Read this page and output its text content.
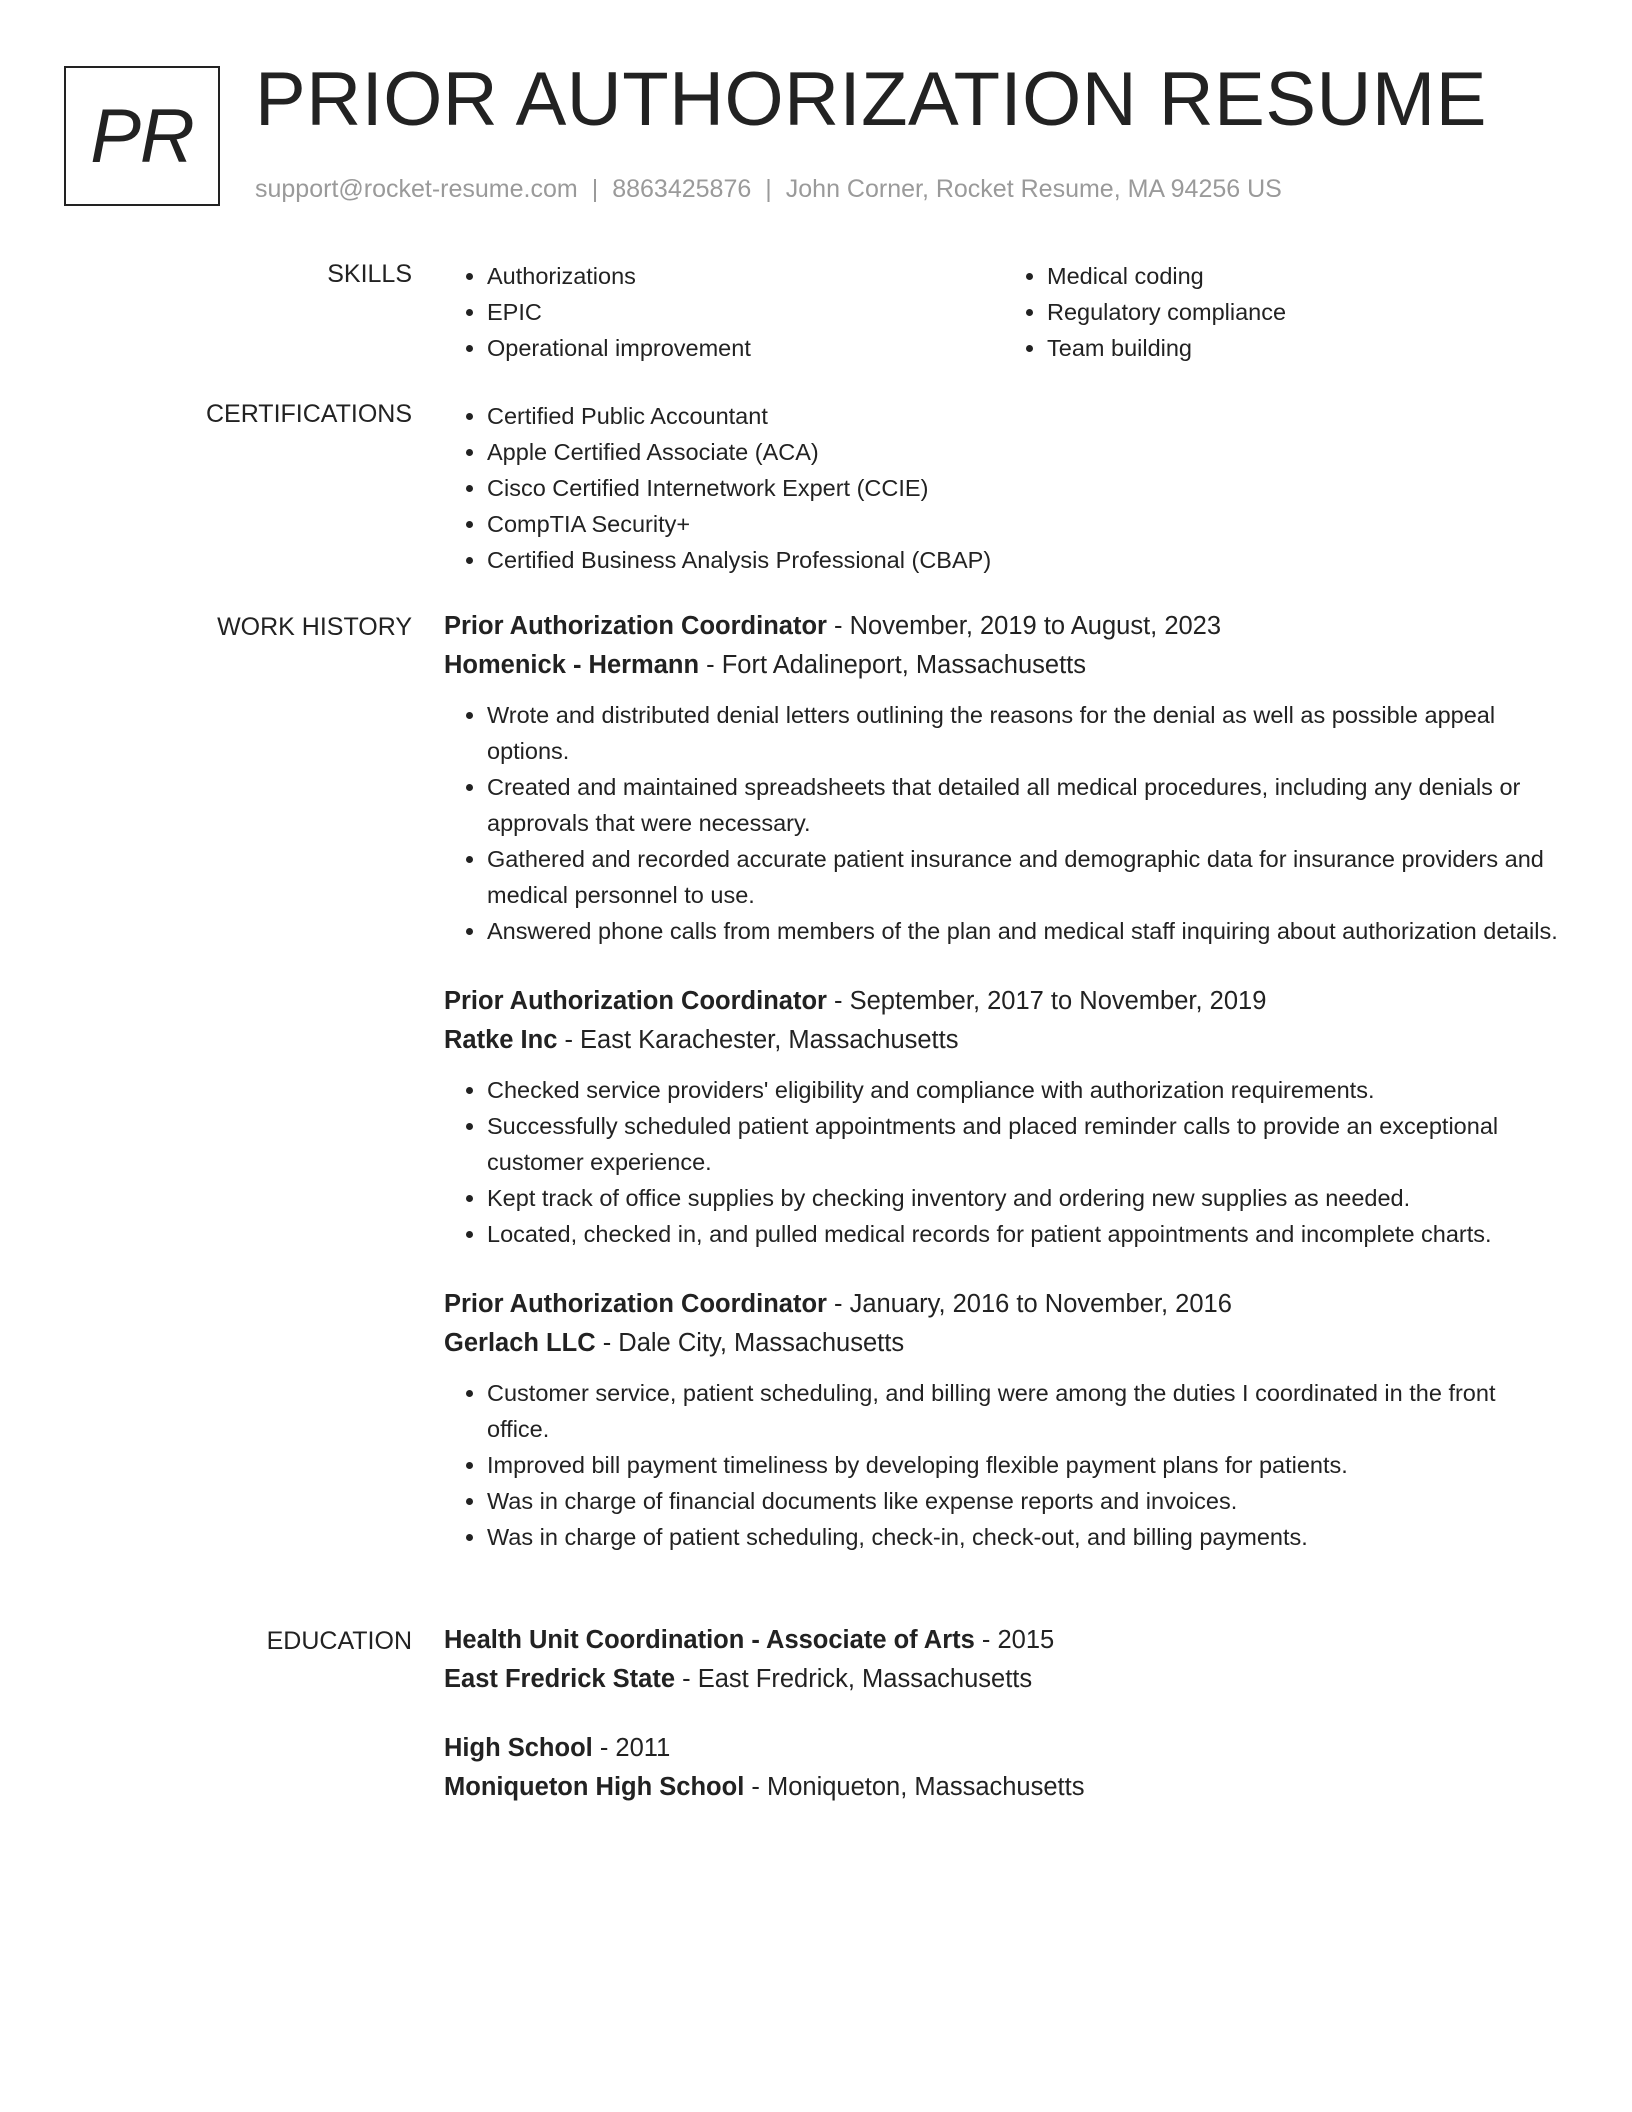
PR PRIOR AUTHORIZATION RESUME
support@rocket-resume.com | 8863425876 | John Corner, Rocket Resume, MA 94256 US
SKILLS	• Authorizations
• EPIC
• Operational improvement
• Medical coding
• Regulatory compliance
• Team building
CERTIFICATIONS	• Certified Public Accountant
• Apple Certified Associate (ACA)
• Cisco Certified Internetwork Expert (CCIE)
• CompTIA Security+
• Certified Business Analysis Professional (CBAP)
WORK HISTORY Prior Authorization Coordinator - November, 2019 to August, 2023
Homenick - Hermann - Fort Adalineport, Massachusetts
• Wrote and distributed denial letters outlining the reasons for the denial as well as possible appeal options.
• Created and maintained spreadsheets that detailed all medical procedures, including any denials or approvals that were necessary.
• Gathered and recorded accurate patient insurance and demographic data for insurance providers and medical personnel to use.
• Answered phone calls from members of the plan and medical staff inquiring about authorization details.
Prior Authorization Coordinator - September, 2017 to November, 2019
Ratke Inc - East Karachester, Massachusetts
• Checked service providers' eligibility and compliance with authorization requirements.
• Successfully scheduled patient appointments and placed reminder calls to provide an exceptional customer experience.
• Kept track of office supplies by checking inventory and ordering new supplies as needed.
• Located, checked in, and pulled medical records for patient appointments and incomplete charts.
Prior Authorization Coordinator - January, 2016 to November, 2016
Gerlach LLC - Dale City, Massachusetts
• Customer service, patient scheduling, and billing were among the duties I coordinated in the front office.
• Improved bill payment timeliness by developing flexible payment plans for patients.
• Was in charge of financial documents like expense reports and invoices.
• Was in charge of patient scheduling, check-in, check-out, and billing payments.
EDUCATION Health Unit Coordination - Associate of Arts - 2015
East Fredrick State - East Fredrick, Massachusetts
High School - 2011
Moniqueton High School - Moniqueton, Massachusetts
